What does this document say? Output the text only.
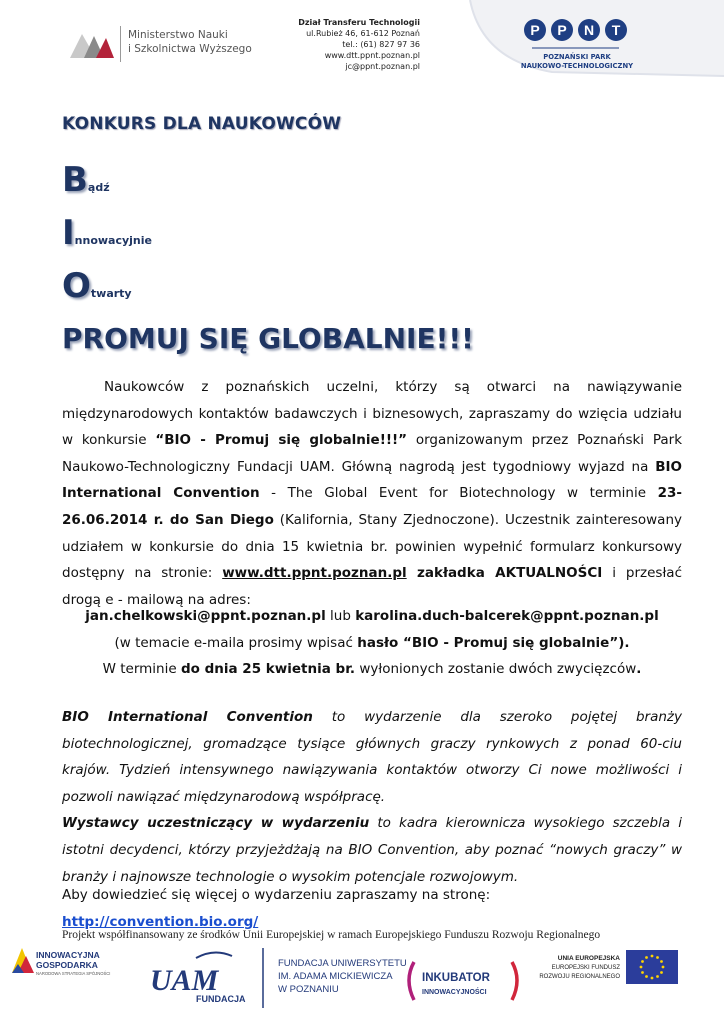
Ministerstwo Nauki
i Szkolnictwa Wyższego
Dział Transferu Technologii
ul.Rubież 46, 61-612 Poznań
tel.: (61) 827 97 36
www.dtt.ppnt.poznan.pl
jc@ppnt.poznan.pl
P P N T
POZNAŃSKI PARK
NAUKOWO-TECHNOLOGICZNY
KONKURS DLA NAUKOWCÓW
Bądź
Innowacyjnie
Otwarty
PROMUJ SIĘ GLOBALNIE!!!

Naukowców z poznańskich uczelni, którzy są otwarci na nawiązywanie międzynarodowych kontaktów badawczych i biznesowych, zapraszamy do wzięcia udziału w konkursie “BIO - Promuj się globalnie!!!” organizowanym przez Poznański Park Naukowo-Technologiczny Fundacji UAM. Główną nagrodą jest tygodniowy wyjazd na BIO International Convention - The Global Event for Biotechnology w terminie 23-26.06.2014 r. do San Diego (Kalifornia, Stany Zjednoczone). Uczestnik zainteresowany udziałem w konkursie do dnia 15 kwietnia br. powinien wypełnić formularz konkursowy dostępny na stronie: www.dtt.ppnt.poznan.pl zakładka AKTUALNOŚCI i przesłać drogą e - mailową na adres:

jan.chelkowski@ppnt.poznan.pl lub karolina.duch-balcerek@ppnt.poznan.pl
(w temacie e-maila prosimy wpisać hasło “BIO - Promuj się globalnie”).
W terminie do dnia 25 kwietnia br. wyłonionych zostanie dwóch zwycięzców.

BIO International Convention to wydarzenie dla szeroko pojętej branży biotechnologicznej, gromadzące tysiące głównych graczy rynkowych z ponad 60-ciu krajów. Tydzień intensywnego nawiązywania kontaktów otworzy Ci nowe możliwości i pozwoli nawiązać międzynarodową współpracę.

Wystawcy uczestniczący w wydarzeniu to kadra kierownicza wysokiego szczebla i istotni decydenci, którzy przyjeżdżają na BIO Convention, aby poznać “nowych graczy” w branży i najnowsze technologie o wysokim potencjale rozwojowym.

Aby dowiedzieć się więcej o wydarzeniu zapraszamy na stronę: http://convention.bio.org/
Projekt współfinansowany ze środków Unii Europejskiej w ramach Europejskiego Funduszu Rozwoju Regionalnego
INNOWACYJNA
GOSPODARKA
NARODOWA STRATEGIA SPÓJNOŚCI UAM
FUNDACJA
FUNDACJA UNIWERSYTETU
IM. ADAMA MICKIEWICZA
W POZNANIU
INKUBATOR
INNOWACYJNOŚCI
UNIA EUROPEJSKA
EUROPEJSKI FUNDUSZ
ROZWOJU REGIONALNEGO
